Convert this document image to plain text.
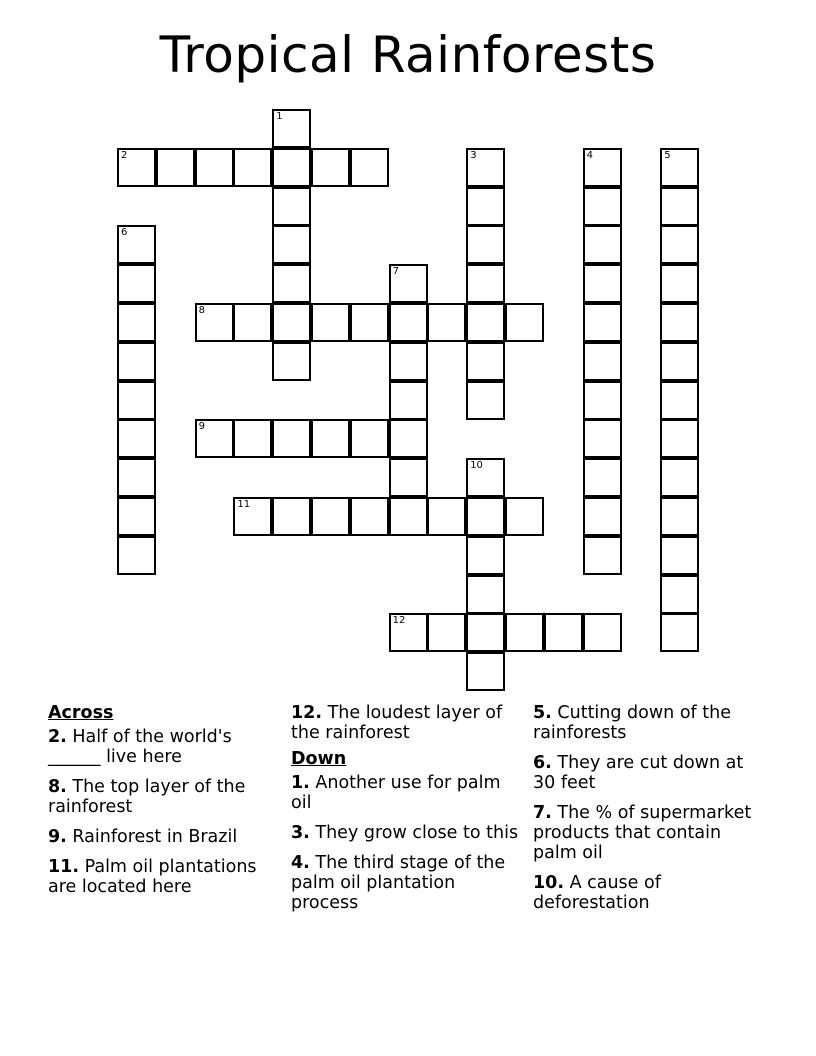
Tropical Rainforests
1
2	3	4	5
6
7
8
9
10
11
12
Across
2. Half of the world's ______ live here
8. The top layer of the rainforest
9. Rainforest in Brazil
11. Palm oil plantations are located here
12. The loudest layer of the rainforest
Down
1. Another use for palm oil
3. They grow close to this
4. The third stage of the palm oil plantation process
5. Cutting down of the rainforests
6. They are cut down at 30 feet
7. The % of supermarket products that contain palm oil
10. A cause of deforestation
